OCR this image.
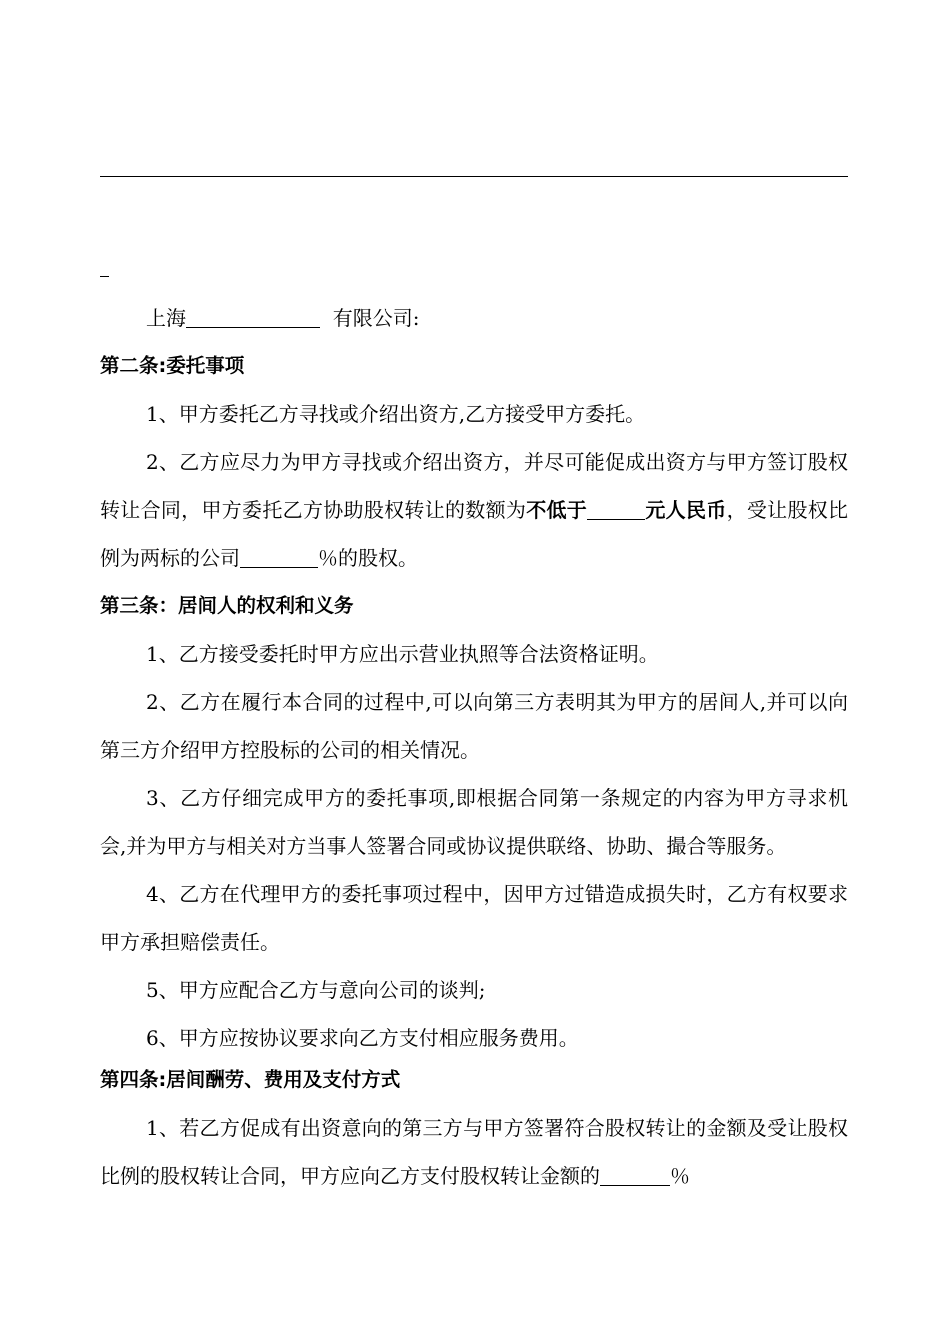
上海	有限公司:

第二条:委托事项

1、甲方委托乙方寻找或介绍出资方,乙方接受甲方委托。

2、乙方应尽力为甲方寻找或介绍出资方，并尽可能促成出资方与甲方签订股权转让合同，甲方委托乙方协助股权转让的数额为不低于	元人民币，受让股权比例为两标的公司	％的股权。

第三条：居间人的权利和义务

1、乙方接受委托时甲方应出示营业执照等合法资格证明。

2、乙方在履行本合同的过程中,可以向第三方表明其为甲方的居间人,并可以向第三方介绍甲方控股标的公司的相关情况。

3、乙方仔细完成甲方的委托事项,即根据合同第一条规定的内容为甲方寻求机会,并为甲方与相关对方当事人签署合同或协议提供联络、协助、撮合等服务。

4、乙方在代理甲方的委托事项过程中，因甲方过错造成损失时，乙方有权要求甲方承担赔偿责任。

5、甲方应配合乙方与意向公司的谈判;

6、甲方应按协议要求向乙方支付相应服务费用。

第四条:居间酬劳、费用及支付方式

1、若乙方促成有出资意向的第三方与甲方签署符合股权转让的金额及受让股权比例的股权转让合同，甲方应向乙方支付股权转让金额的	％
